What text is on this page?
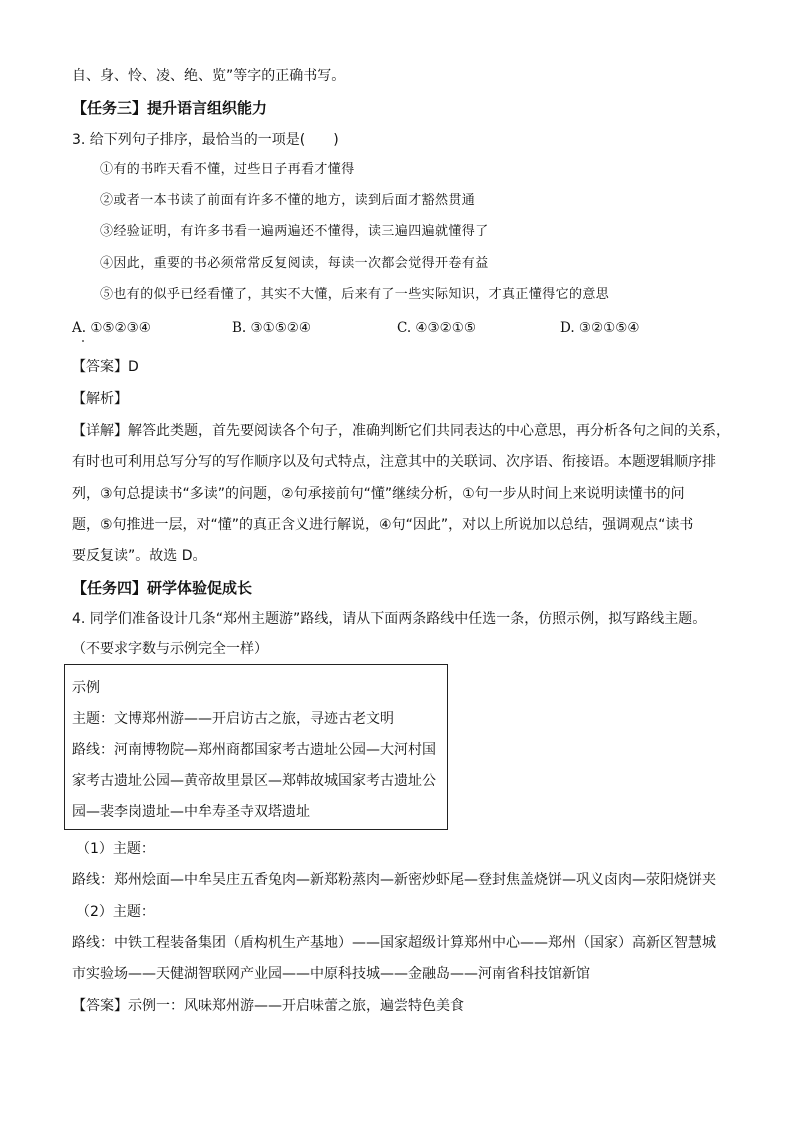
自、身、怜、凌、绝、览”等字的正确书写。
【任务三】提升语言组织能力
3. 给下列句子排序，最恰当的一项是(　　)
①有的书昨天看不懂，过些日子再看才懂得
②或者一本书读了前面有许多不懂的地方，读到后面才豁然贯通
③经验证明，有许多书看一遍两遍还不懂得，读三遍四遍就懂得了
④因此，重要的书必须常常反复阅读，每读一次都会觉得开卷有益
⑤也有的似乎已经看懂了，其实不大懂，后来有了一些实际知识，才真正懂得它的意思
A. ①⑤②③④	B. ③①⑤②④	C. ④③②①⑤	D. ③②①⑤④
【答案】D
【解析】
【详解】解答此类题，首先要阅读各个句子，准确判断它们共同表达的中心意思，再分析各句之间的关系，
有时也可利用总写分写的写作顺序以及句式特点，注意其中的关联词、次序语、衔接语。本题逻辑顺序排
列，③句总提读书“多读”的问题，②句承接前句“懂”继续分析，①句一步从时间上来说明读懂书的问
题，⑤句推进一层，对“懂”的真正含义进行解说，④句“因此”，对以上所说加以总结，强调观点“读书
要反复读”。故选 D。
【任务四】研学体验促成长
4. 同学们准备设计几条“郑州主题游”路线，请从下面两条路线中任选一条，仿照示例，拟写路线主题。
（不要求字数与示例完全一样）
示例
主题：文博郑州游——开启访古之旅，寻迹古老文明
路线：河南博物院—郑州商都国家考古遗址公园—大河村国
家考古遗址公园—黄帝故里景区—郑韩故城国家考古遗址公
园—裴李岗遗址—中牟寿圣寺双塔遗址
（1）主题：
路线：郑州烩面—中牟吴庄五香兔肉—新郑粉蒸肉—新密炒虾尾—登封焦盖烧饼—巩义卤肉—荥阳烧饼夹
（2）主题：
路线：中铁工程装备集团（盾构机生产基地）——国家超级计算郑州中心——郑州（国家）高新区智慧城
市实验场——天健湖智联网产业园——中原科技城——金融岛——河南省科技馆新馆
【答案】示例一：风味郑州游——开启味蕾之旅，遍尝特色美食
